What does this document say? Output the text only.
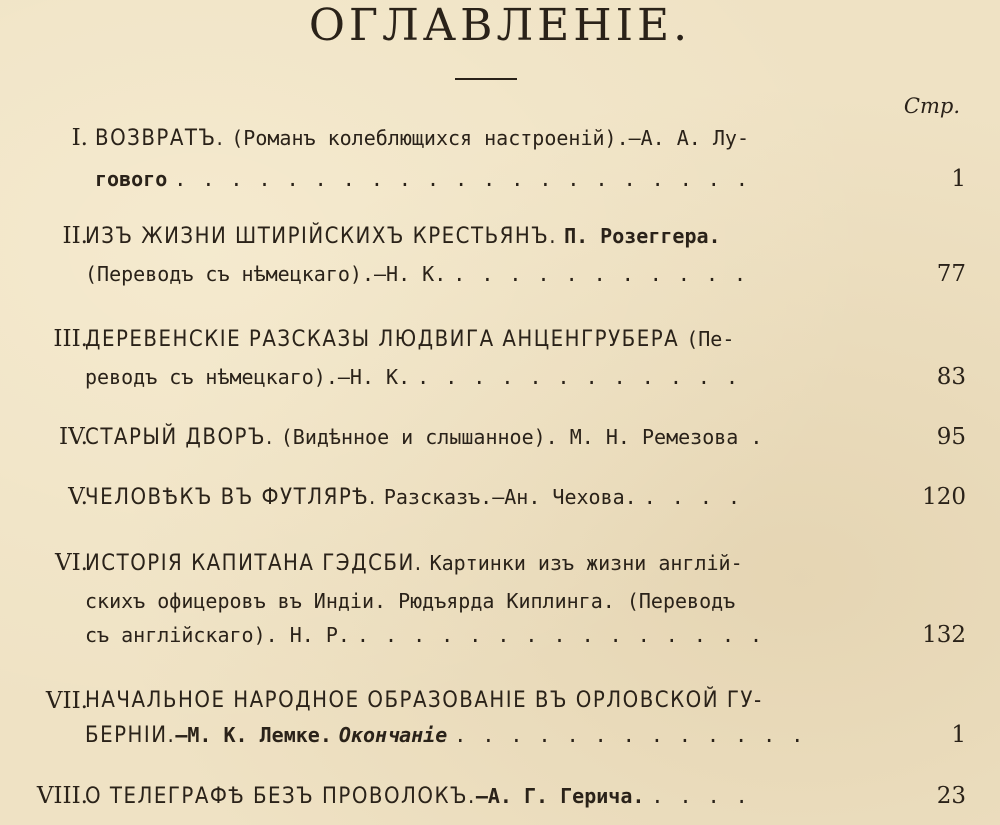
ОГЛАВЛЕНIЕ.
Стр.
I. ВОЗВРАТЪ. (Романъ колеблющихся настроенiй).—А. А. Лу-
гового . . . . . . . . . . . . . . . . . . . . .	1
II.
ИЗЪ ЖИЗНИ ШТИРIЙСКИХЪ КРЕСТЬЯНЪ. П. Розеггера.
(Переводъ съ нѣмецкаго).—Н. К. . . . . . . . . . . .	77
III.
ДЕРЕВЕНСКIЕ РАЗСКАЗЫ ЛЮДВИГА АНЦЕНГРУБЕРА (Пе-
реводъ съ нѣмецкаго).—Н. К. . . . . . . . . . . . .	83
IV.
СТАРЫЙ ДВОРЪ. (Видѣнное и слышанное). М. Н. Ремезова .	95
V.
ЧЕЛОВѢКЪ ВЪ ФУТЛЯРѢ. Разсказъ.—Ан. Чехова. . . . .	120
VI.
ИСТОРIЯ КАПИТАНА ГЭДСБИ. Картинки изъ жизни англiй-
скихъ офицеровъ въ Индiи. Рюдъярда Киплинга. (Переводъ
съ англiйскаго). Н. Р. . . . . . . . . . . . . . . .	132
VII.
НАЧАЛЬНОЕ НАРОДНОЕ ОБРАЗОВАНIЕ ВЪ ОРЛОВСКОЙ ГУ-
БЕРНIИ.—М. К. Лемке. Окончанiе . . . . . . . . . . . . .	1
VIII.
О ТЕЛЕГРАФѢ БЕЗЪ ПРОВОЛОКЪ.—А. Г. Герича. . . . .	23
